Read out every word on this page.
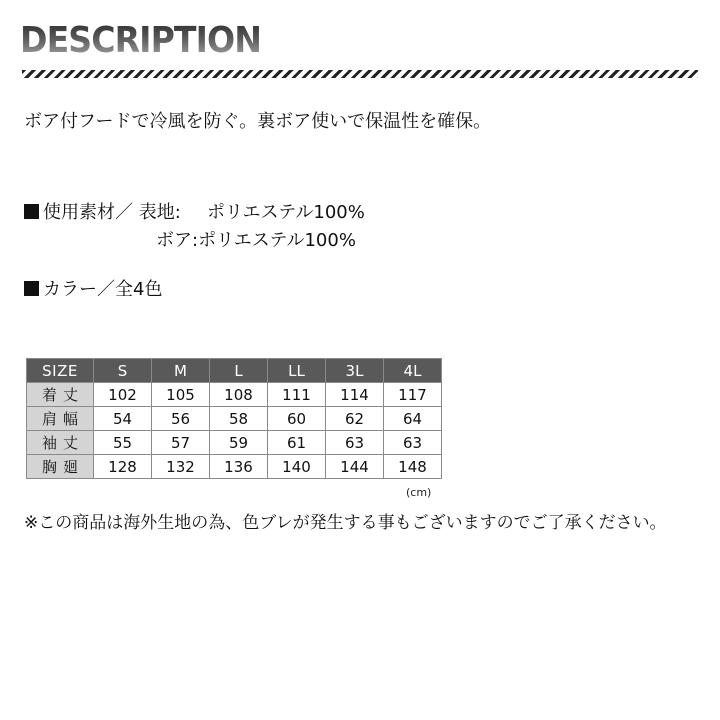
DESCRIPTION
ボア付フードで冷風を防ぐ。裏ボア使いで保温性を確保。
使用素材／ 表地: ポリエステル100%
ボア:ポリエステル100%
カラー／全4色
SIZE	S	M	L	LL	3L	4L
着丈	102	105	108	111	114	117
肩幅	54	56	58	60	62	64
袖丈	55	57	59	61	63	63
胸廻	128	132	136	140	144	148
(cm)
※この商品は海外生地の為、色ブレが発生する事もございますのでご了承ください。
